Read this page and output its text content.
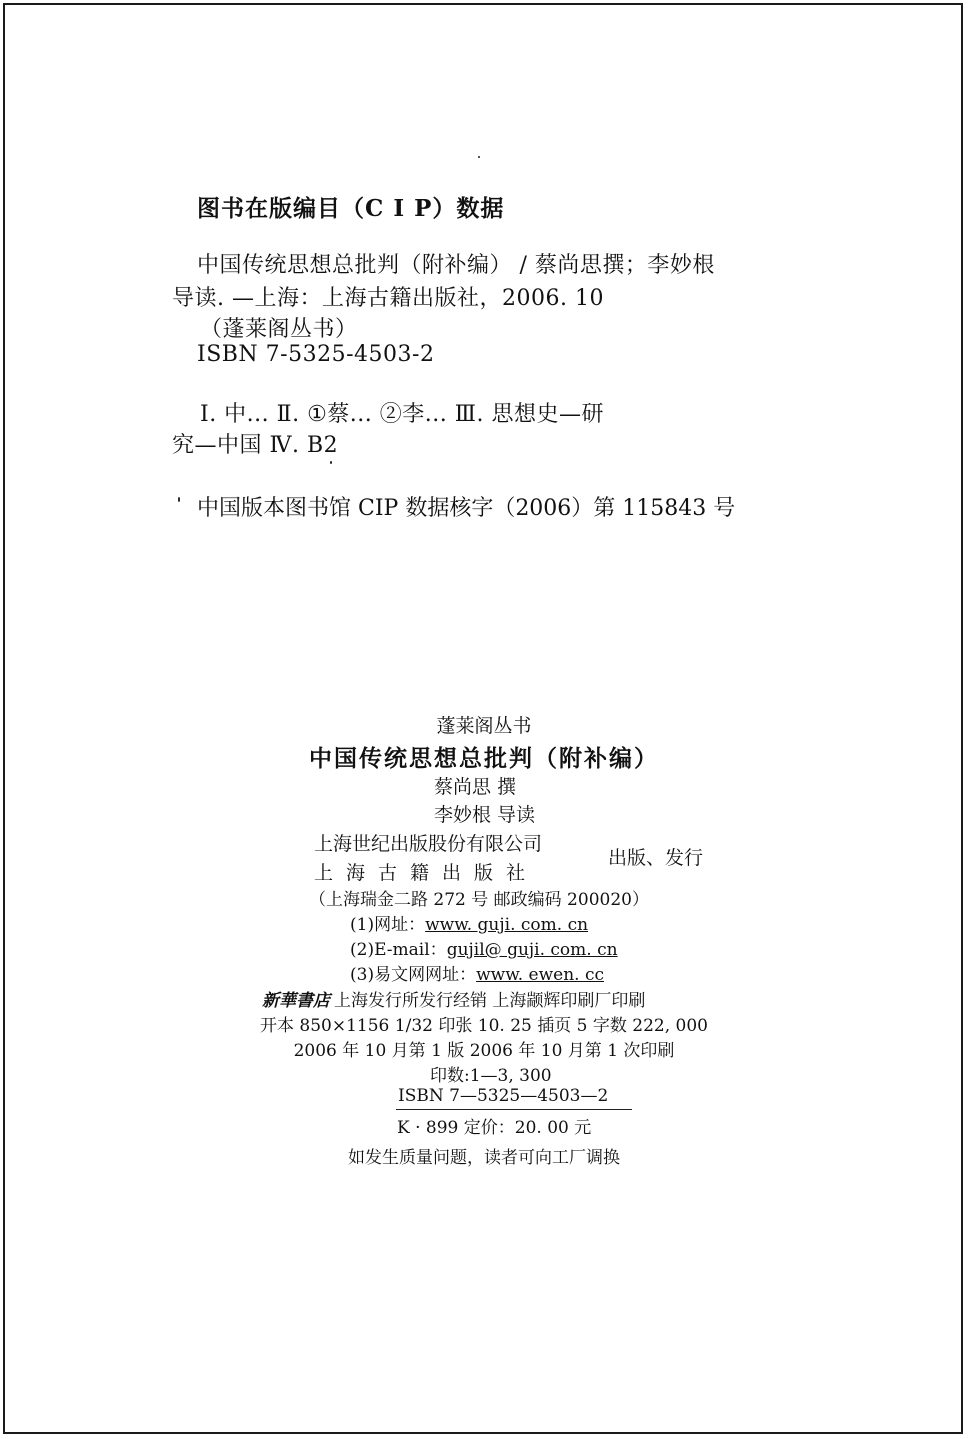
图书在版编目（C I P）数据
中国传统思想总批判（附补编） / 蔡尚思撰；李妙根
导读. —上海：上海古籍出版社，2006. 10
（蓬莱阁丛书）
ISBN 7-5325-4503-2
Ⅰ. 中... Ⅱ. ①蔡... ②李... Ⅲ. 思想史—研
究—中国 Ⅳ. B2
中国版本图书馆 CIP 数据核字（2006）第 115843 号
蓬莱阁丛书
中国传统思想总批判（附补编）
蔡尚思 撰
李妙根 导读
上海世纪出版股份有限公司
上海古籍出版社
出版、发行
（上海瑞金二路 272 号 邮政编码 200020）
(1)网址：www. guji. com. cn
(2)E-mail：gujil@ guji. com. cn
(3)易文网网址：www. ewen. cc
新華書店 上海发行所发行经销 上海颛辉印刷厂印刷
开本 850×1156 1/32 印张 10. 25 插页 5 字数 222, 000
2006 年 10 月第 1 版 2006 年 10 月第 1 次印刷
印数:1—3, 300
ISBN 7—5325—4503—2
K · 899 定价：20. 00 元
如发生质量问题，读者可向工厂调换
